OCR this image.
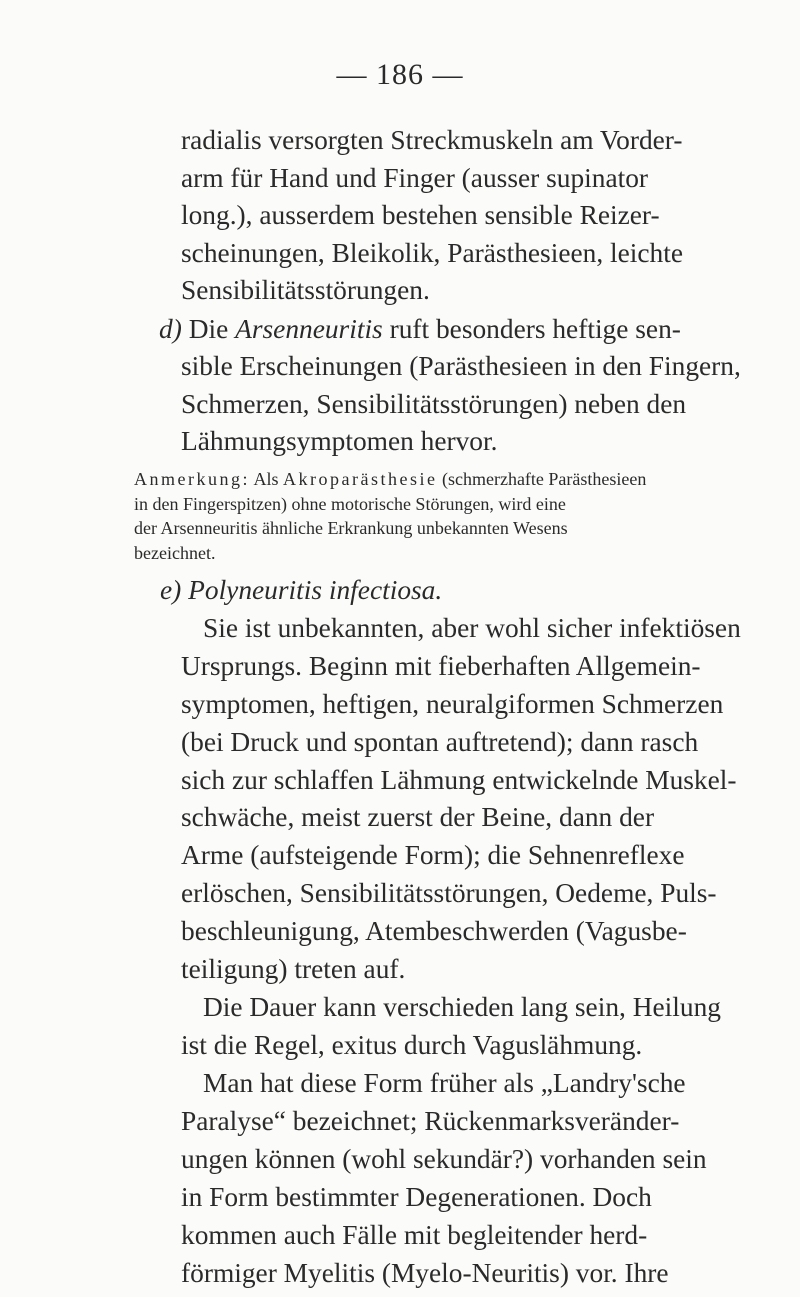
— 186 —
radialis versorgten Streckmuskeln am Vorder-
arm für Hand und Finger (ausser supinator
long.), ausserdem bestehen sensible Reizer-
scheinungen, Bleikolik, Parästhesieen, leichte
Sensibilitätsstörungen.
d) Die Arsenneuritis ruft besonders heftige sen-
sible Erscheinungen (Parästhesieen in den Fingern,
Schmerzen, Sensibilitätsstörungen) neben den
Lähmungsymptomen hervor.
Anmerkung: Als Akroparästhesie (schmerzhafte Parästhesieen
in den Fingerspitzen) ohne motorische Störungen, wird eine
der Arsenneuritis ähnliche Erkrankung unbekannten Wesens
bezeichnet.
e) Polyneuritis infectiosa.
Sie ist unbekannten, aber wohl sicher infektiösen
Ursprungs. Beginn mit fieberhaften Allgemein-
symptomen, heftigen, neuralgiformen Schmerzen
(bei Druck und spontan auftretend); dann rasch
sich zur schlaffen Lähmung entwickelnde Muskel-
schwäche, meist zuerst der Beine, dann der
Arme (aufsteigende Form); die Sehnenreflexe
erlöschen, Sensibilitätsstörungen, Oedeme, Puls-
beschleunigung, Atembeschwerden (Vagusbe-
teiligung) treten auf.
Die Dauer kann verschieden lang sein, Heilung
ist die Regel, exitus durch Vaguslähmung.
Man hat diese Form früher als „Landry'sche
Paralyse“ bezeichnet; Rückenmarksveränder-
ungen können (wohl sekundär?) vorhanden sein
in Form bestimmter Degenerationen. Doch
kommen auch Fälle mit begleitender herd-
förmiger Myelitis (Myelo-Neuritis) vor. Ihre
